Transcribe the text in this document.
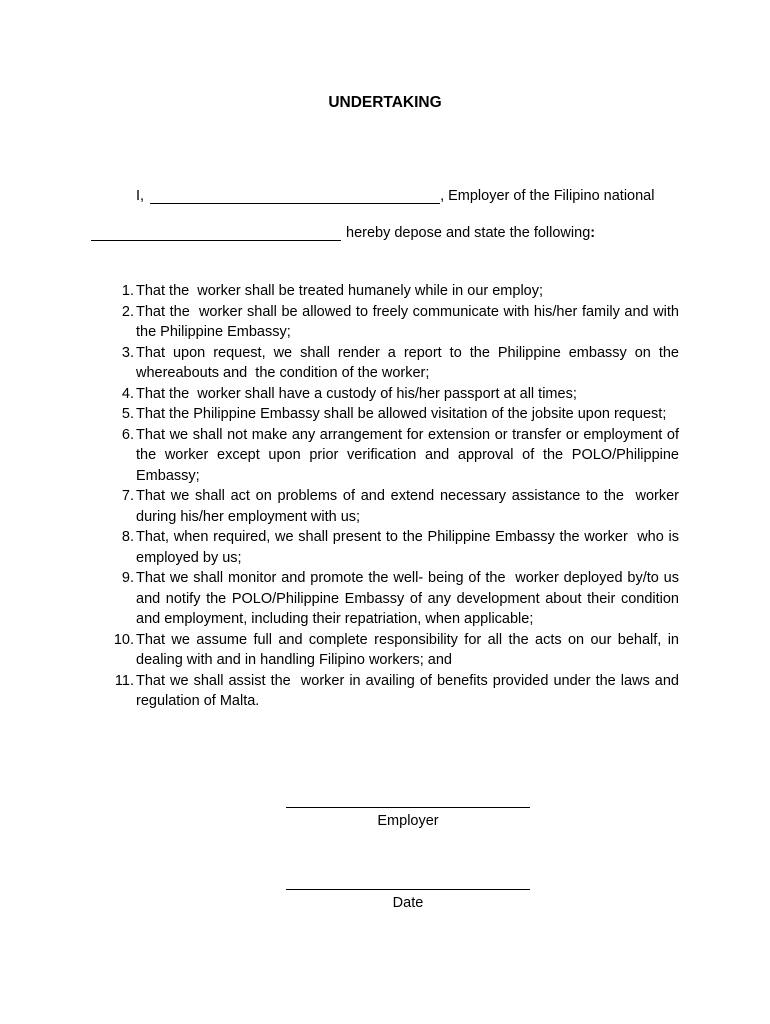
UNDERTAKING
I,	, Employer of the Filipino national
hereby depose and state the following :
1. That the  worker shall be treated humanely while in our employ;
2. That the  worker shall be allowed to freely communicate with his/her family and with the Philippine Embassy;
3. That upon request, we shall render a report to the Philippine embassy on the whereabouts and  the condition of the worker;
4. That the  worker shall have a custody of his/her passport at all times;
5. That the Philippine Embassy shall be allowed visitation of the jobsite upon request;
6. That we shall not make any arrangement for extension or transfer or employment of the worker except upon prior verification and approval of the POLO/Philippine Embassy;
7. That we shall act on problems of and extend necessary assistance to the  worker during his/her employment with us;
8. That, when required, we shall present to the Philippine Embassy the worker  who is employed by us;
9. That we shall monitor and promote the well- being of the  worker deployed by/to us and notify the POLO/Philippine Embassy of any development about their condition and employment, including their repatriation, when applicable;
10. That we assume full and complete responsibility for all the acts on our behalf, in dealing with and in handling Filipino workers; and
11. That we shall assist the  worker in availing of benefits provided under the laws and regulation of Malta.
Employer
Date
